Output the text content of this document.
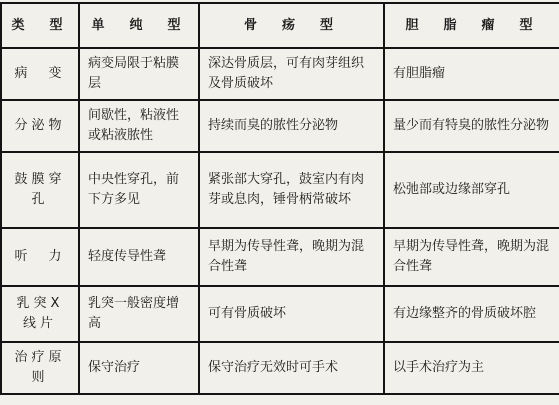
类　型	单　纯　型	骨　疡　型	胆　脂　瘤　型
病　变	病变局限于粘膜层	深达骨质层，可有肉芽组织及骨质破坏	有胆脂瘤

分泌物	间歇性，粘液性或粘液脓性	持续而臭的脓性分泌物	量少而有特臭的脓性分泌物

鼓膜穿孔	中央性穿孔，前下方多见	紧张部大穿孔，鼓室内有肉芽或息肉，锤骨柄常破坏	松弛部或边缘部穿孔

听　力	轻度传导性聋	早期为传导性聋，晚期为混合性聋	早期为传导性聋，晚期为混合性聋

乳突X线片	乳突一般密度增高	可有骨质破坏	有边缘整齐的骨质破坏腔

治疗原则	保守治疗	保守治疗无效时可手术	以手术治疗为主
